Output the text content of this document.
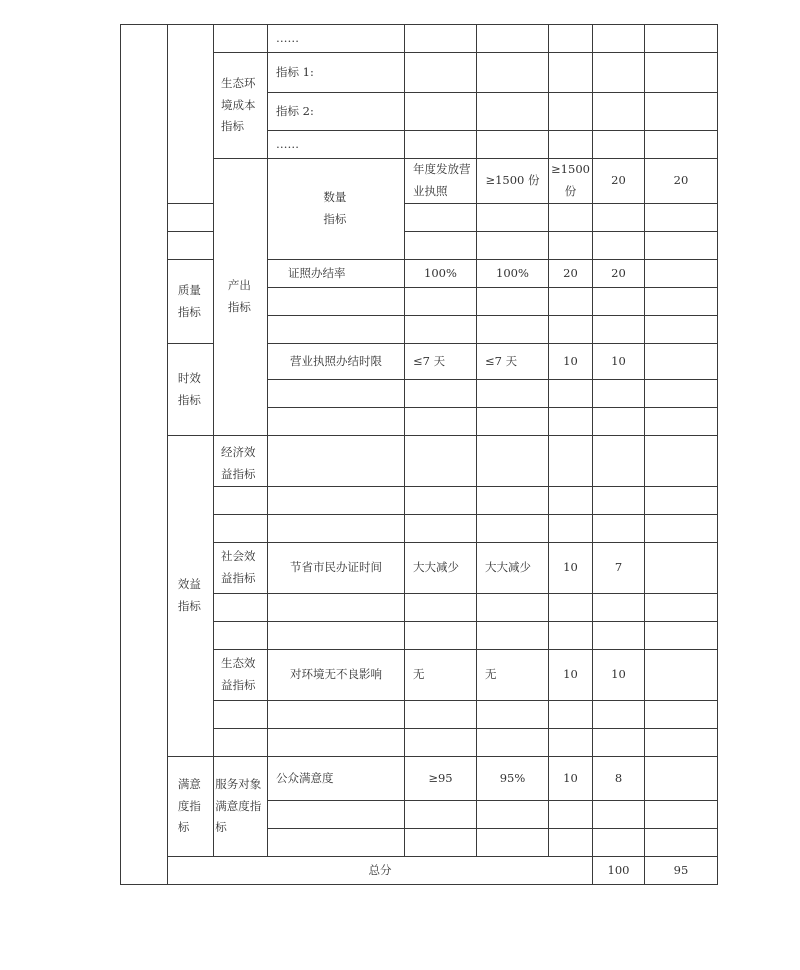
			……						
		生态环境成本指标	指标 1:						
			指标 2:						
			……						
		产出指标	数量指标	年度发放营业执照	≥1500 份	≥1500 份	20	20	

	质量指标		证照办结率	100%	100%	20	20		

	时效指标		营业执照办结时限	≤7 天	≤7 天	10	10		

	效益指标	经济效益指标							

		社会效益指标	节省市民办证时间	大大减少	大大减少	10	7		

		生态效益指标	对环境无不良影响	无	无	10	10		

	满意度指标	服务对象满意度指标	公众满意度	≥95	95%	10	8		

	总分						100	95	
